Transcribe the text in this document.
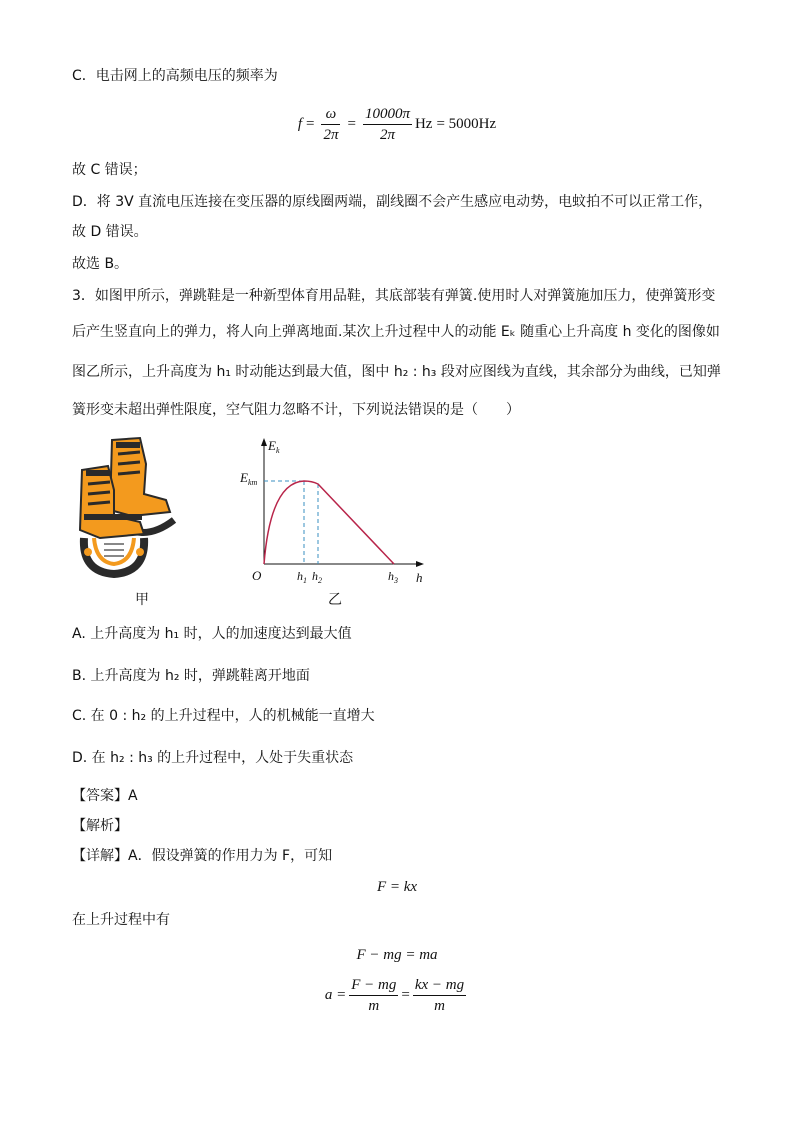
C．电击网上的高频电压的频率为
$f = \frac{\omega}{2\pi} = \frac{10000\pi}{2\pi}$ Hz = 5000Hz
故 C 错误；
D．将 3V 直流电压连接在变压器的原线圈两端，副线圈不会产生感应电动势，电蚊拍不可以正常工作，
故 D 错误。
故选 B。
3．如图甲所示，弹跳鞋是一种新型体育用品鞋，其底部装有弹簧.使用时人对弹簧施加压力，使弹簧形变
后产生竖直向上的弹力，将人向上弹离地面.某次上升过程中人的动能 Eₖ 随重心上升高度 h 变化的图像如
图乙所示，上升高度为 h₁ 时动能达到最大值，图中 h₂ : h₃ 段对应图线为直线，其余部分为曲线，已知弹
簧形变未超出弹性限度，空气阻力忽略不计，下列说法错误的是（　　）
甲
$E_k$
$E_{km}$
O	$h_1$ $h_2$	$h_3$ h
乙
A. 上升高度为 h₁ 时，人的加速度达到最大值
B. 上升高度为 h₂ 时，弹跳鞋离开地面
C. 在 0 : h₂ 的上升过程中，人的机械能一直增大
D. 在 h₂ : h₃ 的上升过程中，人处于失重状态
【答案】A
【解析】
【详解】A．假设弹簧的作用力为 F，可知
F = kx
在上升过程中有
F − mg = ma
$a = \frac{F - mg}{m} = \frac{kx - mg}{m}$
